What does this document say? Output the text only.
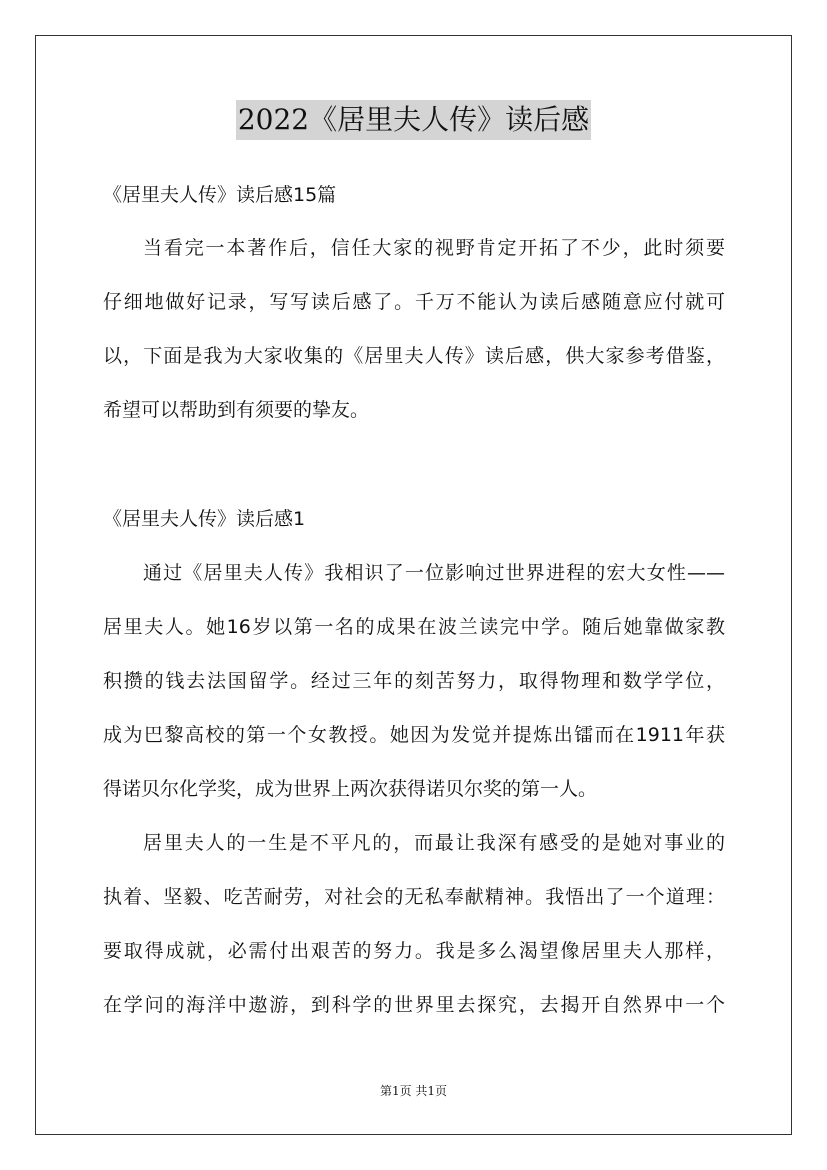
2022《居里夫人传》读后感
《居里夫人传》读后感15篇
当看完一本著作后，信任大家的视野肯定开拓了不少，此时须要
仔细地做好记录，写写读后感了。千万不能认为读后感随意应付就可
以，下面是我为大家收集的《居里夫人传》读后感，供大家参考借鉴，
希望可以帮助到有须要的挚友。
《居里夫人传》读后感1
通过《居里夫人传》我相识了一位影响过世界进程的宏大女性——
居里夫人。她16岁以第一名的成果在波兰读完中学。随后她靠做家教
积攒的钱去法国留学。经过三年的刻苦努力，取得物理和数学学位，
成为巴黎高校的第一个女教授。她因为发觉并提炼出镭而在1911年获
得诺贝尔化学奖，成为世界上两次获得诺贝尔奖的第一人。
居里夫人的一生是不平凡的，而最让我深有感受的是她对事业的
执着、坚毅、吃苦耐劳，对社会的无私奉献精神。我悟出了一个道理：
要取得成就，必需付出艰苦的努力。我是多么渴望像居里夫人那样，
在学问的海洋中遨游，到科学的世界里去探究，去揭开自然界中一个
第1页 共1页
